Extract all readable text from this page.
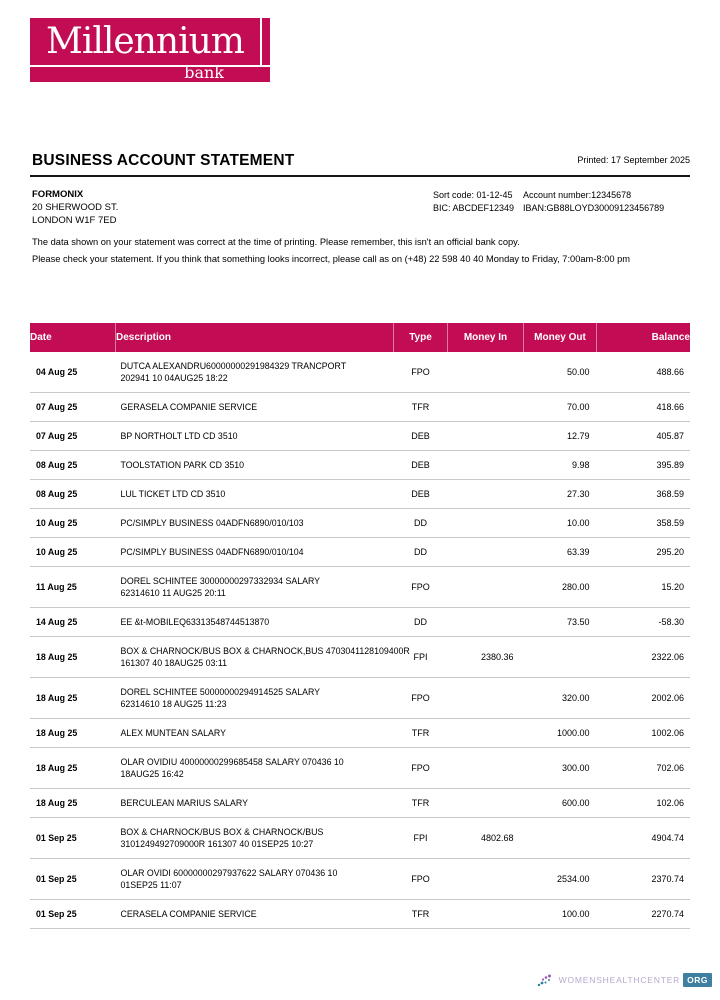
Millennium
bank
BUSINESS ACCOUNT STATEMENT	Printed: 17 September 2025
FORMONIX
20 SHERWOOD ST.
LONDON W1F 7ED
Sort code: 01-12-45
BIC: ABCDEF12349
Account number:12345678
IBAN:GB88LOYD30009123456789

The data shown on your statement was correct at the time of printing. Please remember, this isn't an official bank copy.

Please check your statement. If you think that something looks incorrect, please call as on (+48) 22 598 40 40 Monday to Friday, 7:00am-8:00 pm

Date	Description	Type	Money In	Money Out	Balance
04 Aug 25	DUTCA ALEXANDRU60000000291984329 TRANCPORT
202941 10 04AUG25 18:22	FPO		50.00	488.66
07 Aug 25	GERASELA COMPANIE SERVICE	TFR		70.00	418.66
07 Aug 25	BP NORTHOLT LTD CD 3510	DEB		12.79	405.87
08 Aug 25	TOOLSTATION PARK CD 3510	DEB		9.98	395.89
08 Aug 25	LUL TICKET LTD CD 3510	DEB		27.30	368.59
10 Aug 25	PC/SIMPLY BUSINESS 04ADFN6890/010/103	DD		10.00	358.59
10 Aug 25	PC/SIMPLY BUSINESS 04ADFN6890/010/104	DD		63.39	295.20
11 Aug 25	DOREL SCHINTEE 30000000297332934 SALARY
62314610 11 AUG25 20:11	FPO		280.00	15.20
14 Aug 25	EE &t-MOBILEQ63313548744513870	DD		73.50	-58.30
18 Aug 25	BOX & CHARNOCK/BUS BOX & CHARNOCK,BUS 4703041128109400R
161307 40 18AUG25 03:11	FPI	2380.36		2322.06
18 Aug 25	DOREL SCHINTEE 50000000294914525 SALARY
62314610 18 AUG25 11:23	FPO		320.00	2002.06
18 Aug 25	ALEX MUNTEAN SALARY	TFR		1000.00	1002.06
18 Aug 25	OLAR OVIDIU 40000000299685458 SALARY 070436 10
18AUG25 16:42	FPO		300.00	702.06
18 Aug 25	BERCULEAN MARIUS SALARY	TFR		600.00	102.06
01 Sep 25	BOX & CHARNOCK/BUS BOX & CHARNOCK/BUS
3101249492709000R 161307 40 01SEP25 10:27	FPI	4802.68		4904.74
01 Sep 25	OLAR OVIDI 60000000297937622 SALARY 070436 10
01SEP25 11:07	FPO		2534.00	2370.74
01 Sep 25	CERASELA COMPANIE SERVICE	TFR		100.00	2270.74
WOMENSHEALTHCENTER ORG
